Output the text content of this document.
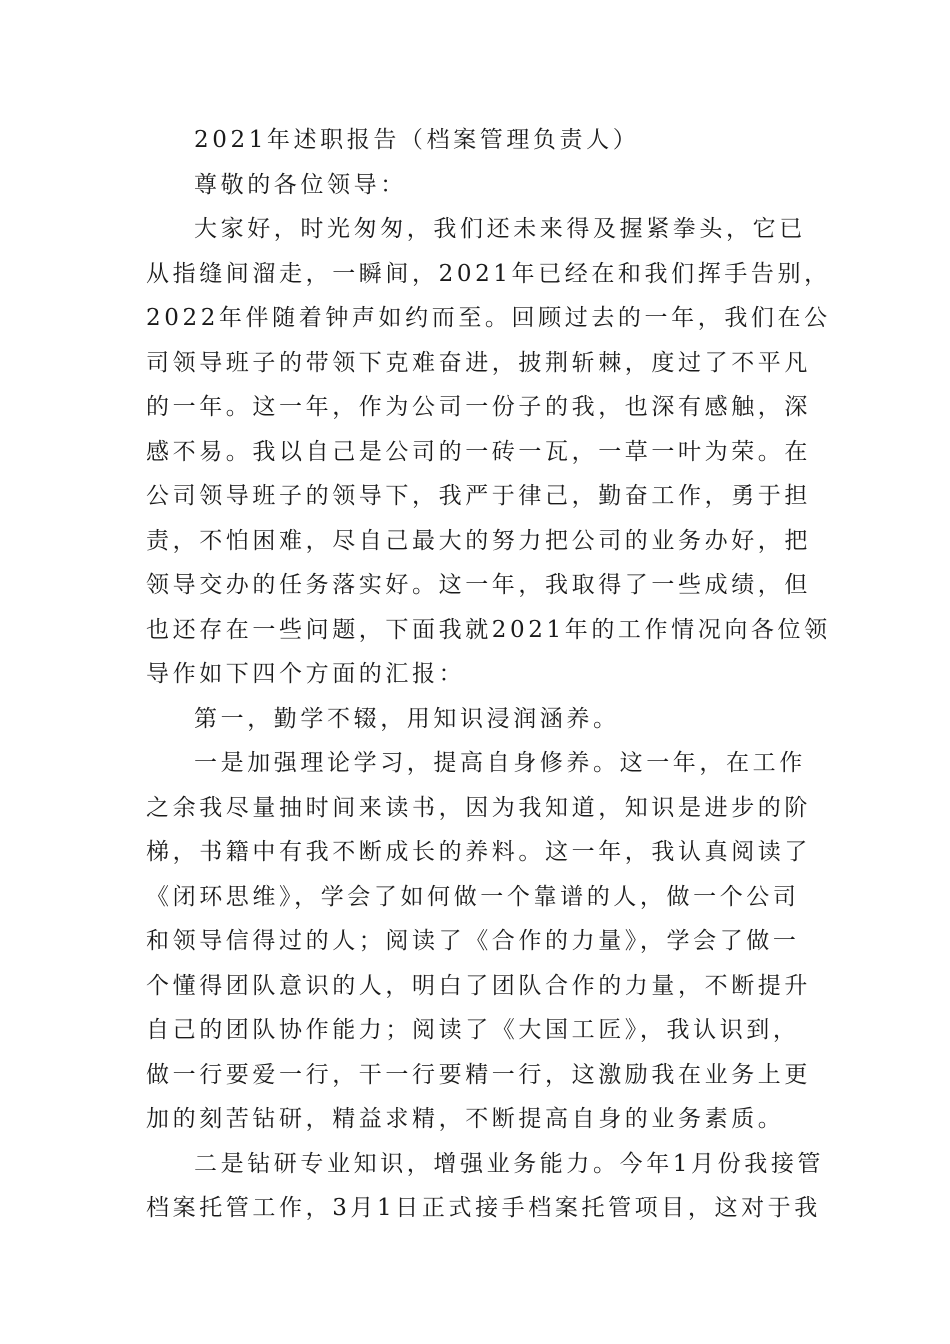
2021年述职报告（档案管理负责人）
尊敬的各位领导：
大家好，时光匆匆，我们还未来得及握紧拳头，它已
从指缝间溜走，一瞬间，2021年已经在和我们挥手告别，
2022年伴随着钟声如约而至。回顾过去的一年，我们在公
司领导班子的带领下克难奋进，披荆斩棘，度过了不平凡
的一年。这一年，作为公司一份子的我，也深有感触，深
感不易。我以自己是公司的一砖一瓦，一草一叶为荣。在
公司领导班子的领导下，我严于律己，勤奋工作，勇于担
责，不怕困难，尽自己最大的努力把公司的业务办好，把
领导交办的任务落实好。这一年，我取得了一些成绩，但
也还存在一些问题，下面我就2021年的工作情况向各位领
导作如下四个方面的汇报：
第一，勤学不辍，用知识浸润涵养。
一是加强理论学习，提高自身修养。这一年，在工作
之余我尽量抽时间来读书，因为我知道，知识是进步的阶
梯，书籍中有我不断成长的养料。这一年，我认真阅读了
《闭环思维》，学会了如何做一个靠谱的人，做一个公司
和领导信得过的人；阅读了《合作的力量》，学会了做一
个懂得团队意识的人，明白了团队合作的力量，不断提升
自己的团队协作能力；阅读了《大国工匠》，我认识到，
做一行要爱一行，干一行要精一行，这激励我在业务上更
加的刻苦钻研，精益求精，不断提高自身的业务素质。
二是钻研专业知识，增强业务能力。今年1月份我接管
档案托管工作，3月1日正式接手档案托管项目，这对于我
